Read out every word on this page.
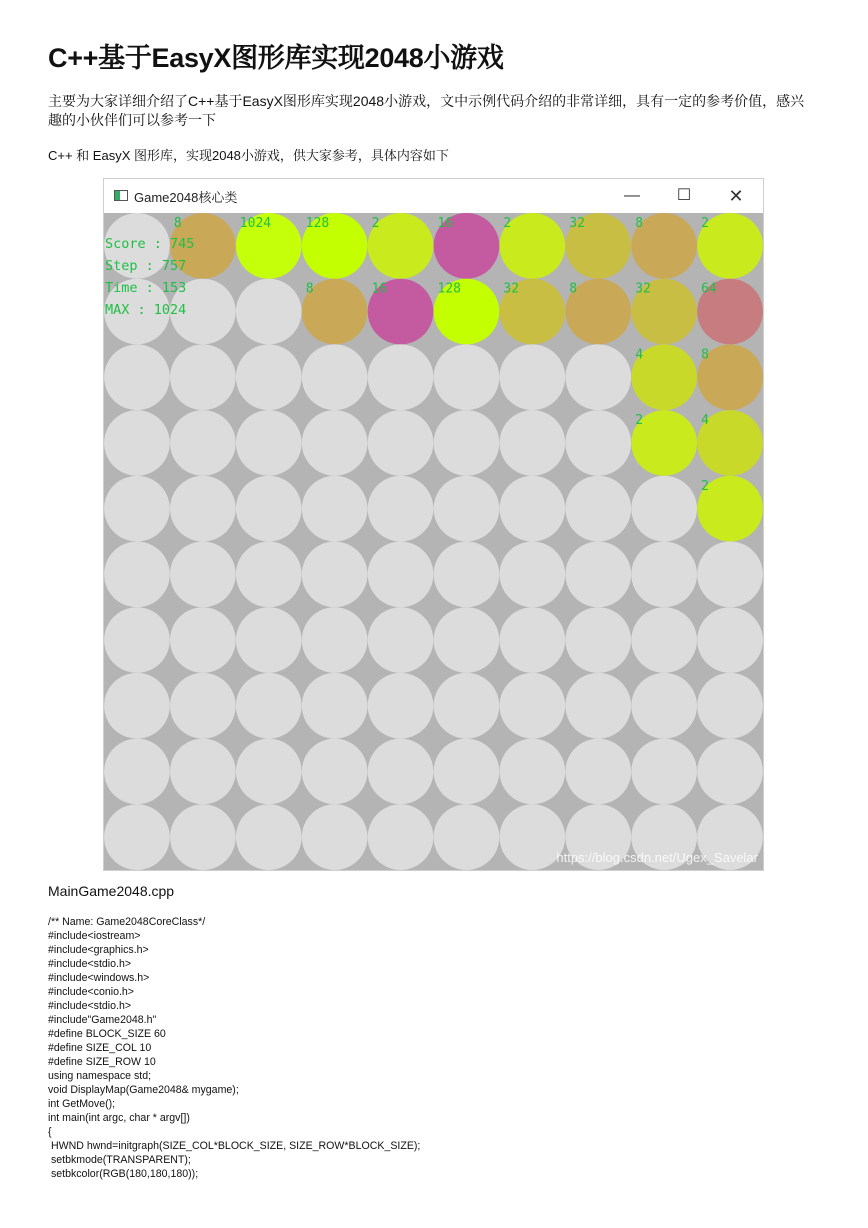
C++基于EasyX图形库实现2048小游戏
主要为大家详细介绍了C++基于EasyX图形库实现2048小游戏，文中示例代码介绍的非常详细，具有一定的参考价值，感兴趣的小伙伴们可以参考一下
C++ 和 EasyX 图形库，实现2048小游戏，供大家参考，具体内容如下
Game2048核心类	—	☐	✕
8	1024	128	2	16	2	32	8	2
8	16	128	32	8	32	64
4	8
2	4
2
Score : 745
Step : 757
Time : 153
MAX : 1024
https://blog.csdn.net/Ugex_Savelar
MainGame2048.cpp
/** Name: Game2048CoreClass*/
#include<iostream>
#include<graphics.h>
#include<stdio.h>
#include<windows.h>
#include<conio.h>
#include<stdio.h>
#include"Game2048.h"
#define BLOCK_SIZE 60
#define SIZE_COL 10
#define SIZE_ROW 10
using namespace std;
void DisplayMap(Game2048& mygame);
int GetMove();
int main(int argc, char * argv[])
{
HWND hwnd=initgraph(SIZE_COL*BLOCK_SIZE, SIZE_ROW*BLOCK_SIZE);
setbkmode(TRANSPARENT);
setbkcolor(RGB(180,180,180));
